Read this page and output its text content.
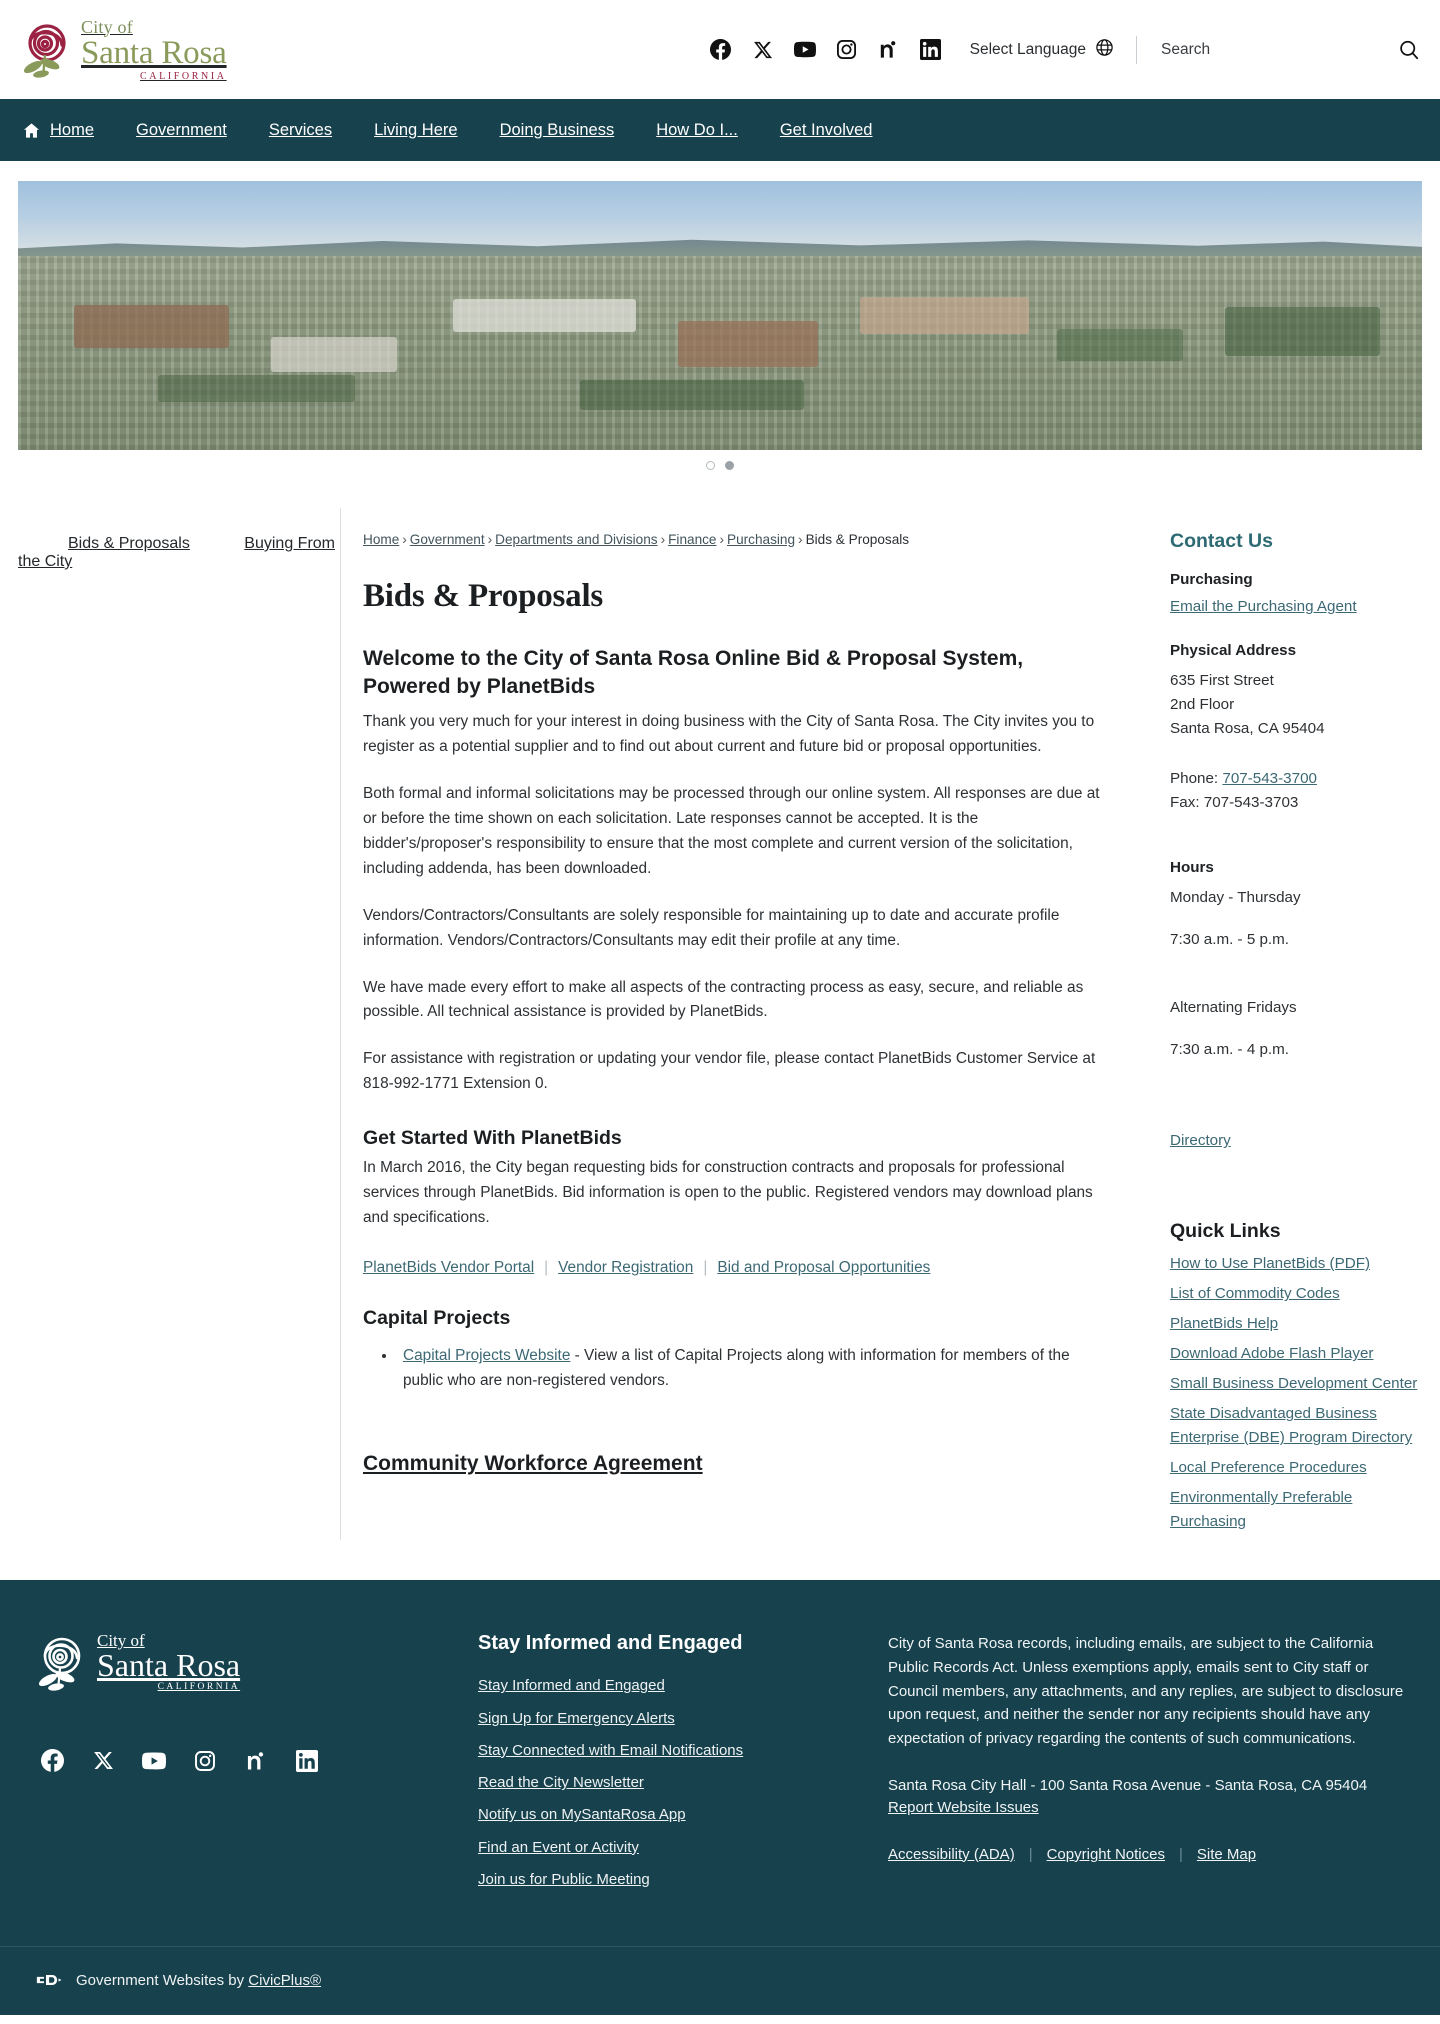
City of
Santa Rosa
CALIFORNIA
Select Language
Search
Home	Government	Services	Living Here	Doing Business	How Do I...	Get Involved
Bids & Proposals	Buying From the City
Home › Government › Departments and Divisions › Finance › Purchasing › Bids & Proposals
Bids & Proposals
Welcome to the City of Santa Rosa Online Bid & Proposal System, Powered by PlanetBids

Thank you very much for your interest in doing business with the City of Santa Rosa. The City invites you to register as a potential supplier and to find out about current and future bid or proposal opportunities.

Both formal and informal solicitations may be processed through our online system. All responses are due at or before the time shown on each solicitation. Late responses cannot be accepted. It is the bidder's/proposer's responsibility to ensure that the most complete and current version of the solicitation, including addenda, has been downloaded.

Vendors/Contractors/Consultants are solely responsible for maintaining up to date and accurate profile information. Vendors/Contractors/Consultants may edit their profile at any time.

We have made every effort to make all aspects of the contracting process as easy, secure, and reliable as possible. All technical assistance is provided by PlanetBids.

For assistance with registration or updating your vendor file, please contact PlanetBids Customer Service at 818-992-1771 Extension 0.

Get Started With PlanetBids

In March 2016, the City began requesting bids for construction contracts and proposals for professional services through PlanetBids. Bid information is open to the public. Registered vendors may download plans and specifications.

PlanetBids Vendor Portal | Vendor Registration | Bid and Proposal Opportunities
Capital Projects
• Capital Projects Website - View a list of Capital Projects along with information for members of the public who are non-registered vendors.
Community Workforce Agreement
Contact Us
Purchasing
Email the Purchasing Agent
Physical Address
635 First Street
2nd Floor
Santa Rosa, CA 95404
Phone: 707-543-3700
Fax: 707-543-3703
Hours
Monday - Thursday
7:30 a.m. - 5 p.m.
Alternating Fridays
7:30 a.m. - 4 p.m.
Directory
Quick Links
How to Use PlanetBids (PDF)
List of Commodity Codes
PlanetBids Help
Download Adobe Flash Player
Small Business Development Center
State Disadvantaged Business Enterprise (DBE) Program Directory
Local Preference Procedures
Environmentally Preferable Purchasing
City of
Santa Rosa
CALIFORNIA
Stay Informed and Engaged
Stay Informed and Engaged
Sign Up for Emergency Alerts
Stay Connected with Email Notifications
Read the City Newsletter
Notify us on MySantaRosa App
Find an Event or Activity
Join us for Public Meeting

City of Santa Rosa records, including emails, are subject to the California Public Records Act. Unless exemptions apply, emails sent to City staff or Council members, any attachments, and any replies, are subject to disclosure upon request, and neither the sender nor any recipients should have any expectation of privacy regarding the contents of such communications.

Santa Rosa City Hall - 100 Santa Rosa Avenue - Santa Rosa, CA 95404
Report Website Issues
Accessibility (ADA) | Copyright Notices | Site Map
Government Websites by CivicPlus®
